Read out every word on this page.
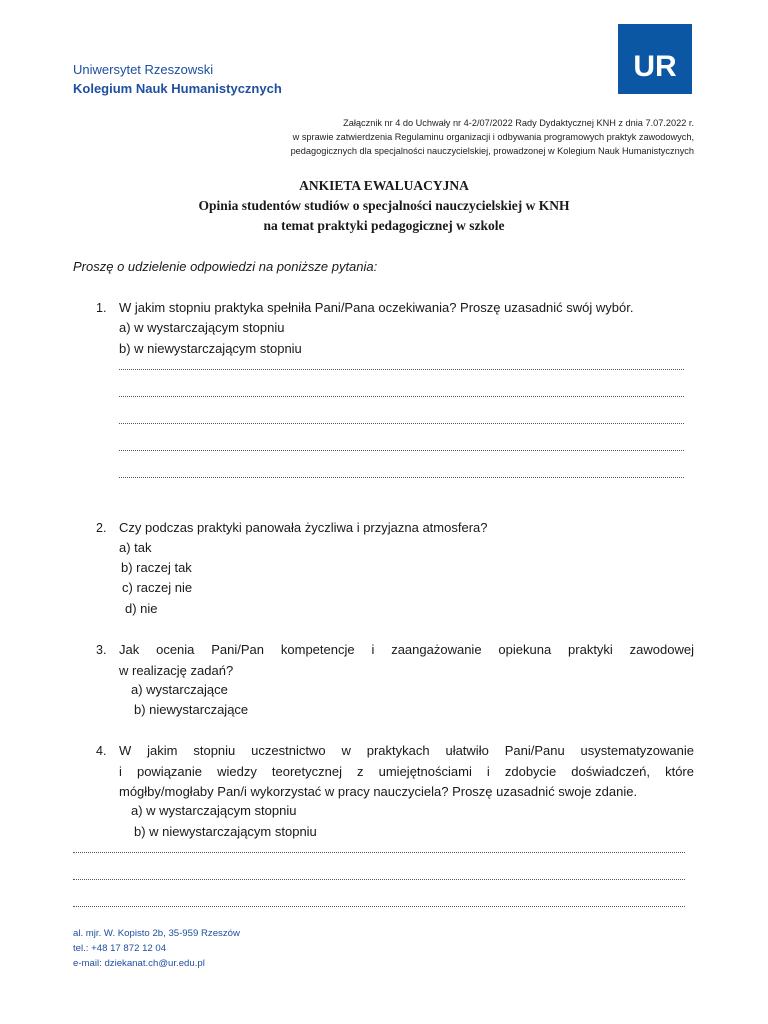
Uniwersytet Rzeszowski
Kolegium Nauk Humanistycznych
UR
Załącznik nr 4 do Uchwały nr 4-2/07/2022 Rady Dydaktycznej KNH z dnia 7.07.2022 r.
w sprawie zatwierdzenia Regulaminu organizacji i odbywania programowych praktyk zawodowych,
pedagogicznych dla specjalności nauczycielskiej, prowadzonej w Kolegium Nauk Humanistycznych
ANKIETA EWALUACYJNA
Opinia studentów studiów o specjalności nauczycielskiej w KNH
na temat praktyki pedagogicznej w szkole
Proszę o udzielenie odpowiedzi na poniższe pytania:
1. W jakim stopniu praktyka spełniła Pani/Pana oczekiwania? Proszę uzasadnić swój wybór.
a) w wystarczającym stopniu
b) w niewystarczającym stopniu
2. Czy podczas praktyki panowała życzliwa i przyjazna atmosfera?
a) tak
b) raczej tak
c) raczej nie
d) nie
3. Jak ocenia Pani/Pan kompetencje i zaangażowanie opiekuna praktyki zawodowej
w realizację zadań?
a) wystarczające
b) niewystarczające
4. W jakim stopniu uczestnictwo w praktykach ułatwiło Pani/Panu usystematyzowanie
i powiązanie wiedzy teoretycznej z umiejętnościami i zdobycie doświadczeń, które
mógłby/mogłaby Pan/i wykorzystać w pracy nauczyciela? Proszę uzasadnić swoje zdanie.
a) w wystarczającym stopniu
b) w niewystarczającym stopniu
al. mjr. W. Kopisto 2b, 35-959 Rzeszów
tel.: +48 17 872 12 04
e-mail: dziekanat.ch@ur.edu.pl
